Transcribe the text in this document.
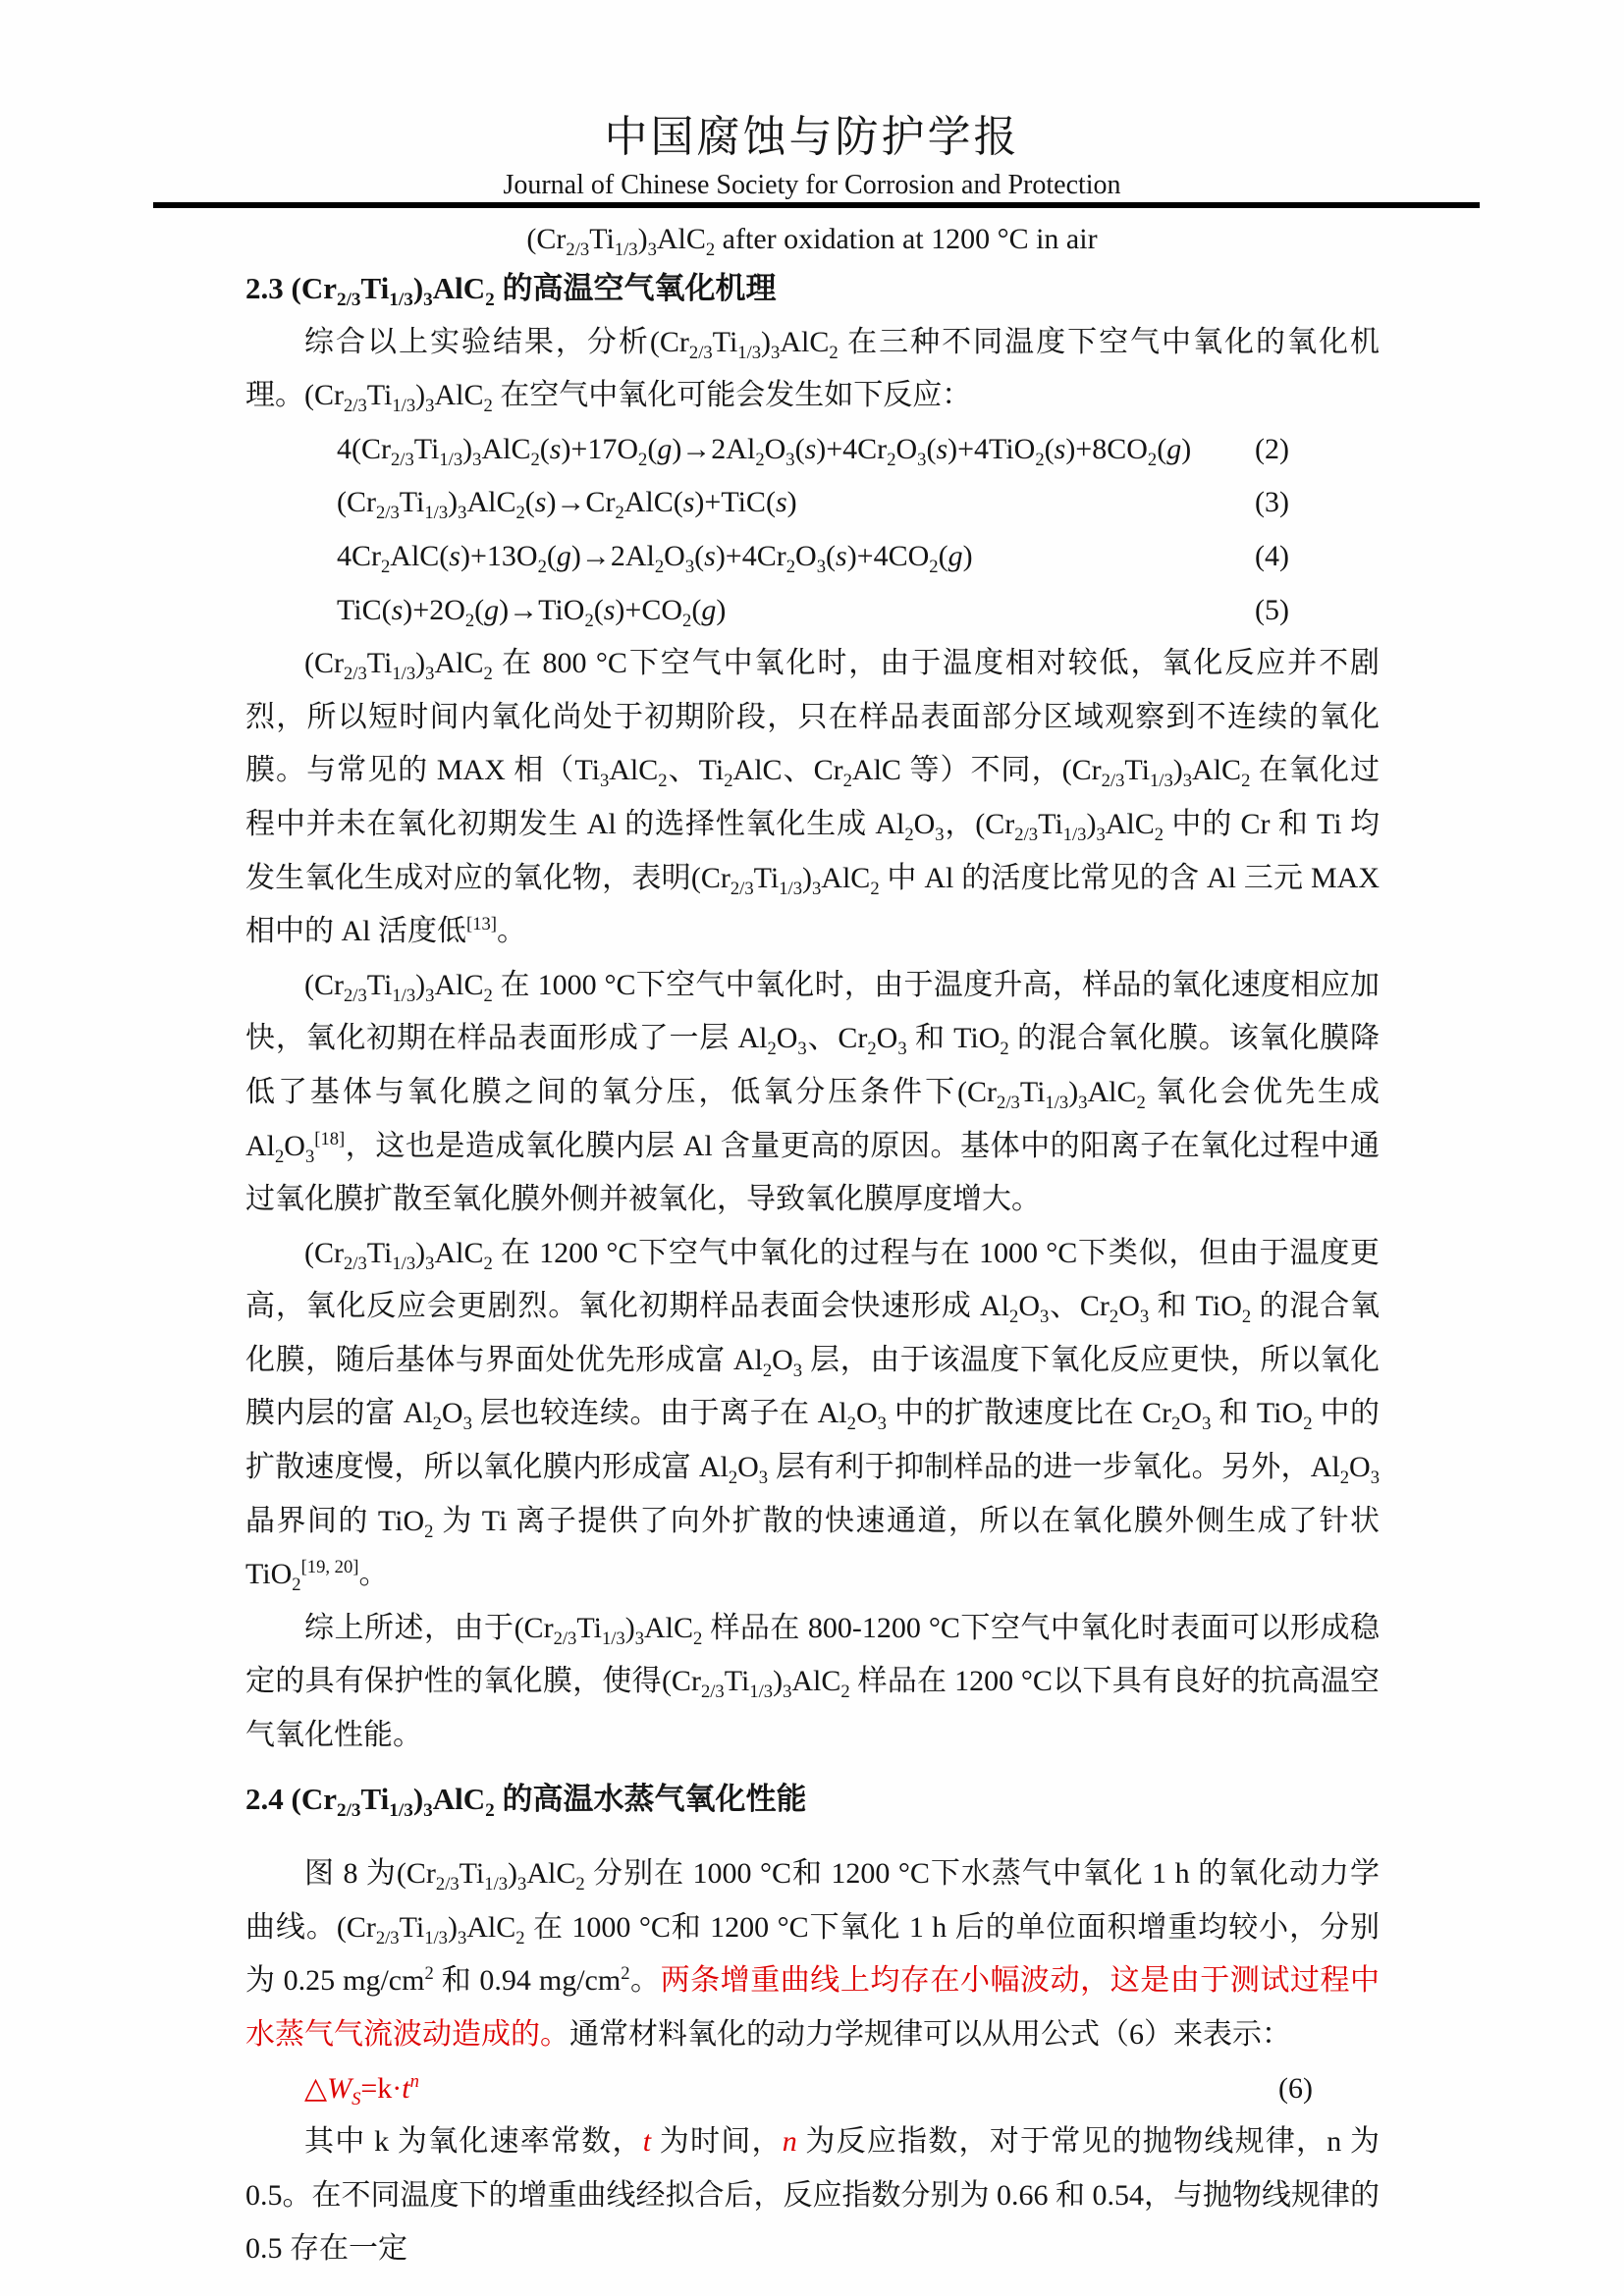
中国腐蚀与防护学报
Journal of Chinese Society for Corrosion and Protection
$(Cr_{2/3}Ti_{1/3})_3AlC_2$ after oxidation at 1200 °C in air
2.3 $(Cr_{2/3}Ti_{1/3})_3AlC_2$ 的高温空气氧化机理

综合以上实验结果，分析$(Cr_{2/3}Ti_{1/3})_3AlC_2$ 在三种不同温度下空气中氧化的氧化机理。$(Cr_{2/3}Ti_{1/3})_3AlC_2$ 在空气中氧化可能会发生如下反应：

$4(Cr_{2/3}Ti_{1/3})_3AlC_2(s)+17O_2(g)\to 2Al_2O_3(s)+4Cr_2O_3(s)+4TiO_2(s)+8CO_2(g)$ (2)
$(Cr_{2/3}Ti_{1/3})_3AlC_2(s)\to Cr_2AlC(s)+TiC(s)$	(3)
$4Cr_2AlC(s)+13O_2(g)\to 2Al_2O_3(s)+4Cr_2O_3(s)+4CO_2(g)$	(4)
$TiC(s)+2O_2(g)\to TiO_2(s)+CO_2(g)$	(5)

$(Cr_{2/3}Ti_{1/3})_3AlC_2$ 在 800 °C下空气中氧化时，由于温度相对较低，氧化反应并不剧烈，所以短时间内氧化尚处于初期阶段，只在样品表面部分区域观察到不连续的氧化膜。与常见的 MAX 相（$Ti_3AlC_2$、$Ti_2AlC$、$Cr_2AlC$ 等）不同，$(Cr_{2/3}Ti_{1/3})_3AlC_2$ 在氧化过程中并未在氧化初期发生 Al 的选择性氧化生成 $Al_2O_3$，$(Cr_{2/3}Ti_{1/3})_3AlC_2$ 中的 Cr 和 Ti 均发生氧化生成对应的氧化物，表明$(Cr_{2/3}Ti_{1/3})_3AlC_2$ 中 Al 的活度比常见的含 Al 三元 MAX 相中的 Al 活度低[13]。

$(Cr_{2/3}Ti_{1/3})_3AlC_2$ 在 1000 °C下空气中氧化时，由于温度升高，样品的氧化速度相应加快，氧化初期在样品表面形成了一层 $Al_2O_3$、$Cr_2O_3$ 和 TiO$_2$ 的混合氧化膜。该氧化膜降低了基体与氧化膜之间的氧分压，低氧分压条件下$(Cr_{2/3}Ti_{1/3})_3AlC_2$ 氧化会优先生成 $Al_2O_3[18]$，这也是造成氧化膜内层 Al 含量更高的原因。基体中的阳离子在氧化过程中通过氧化膜扩散至氧化膜外侧并被氧化，导致氧化膜厚度增大。

$(Cr_{2/3}Ti_{1/3})_3AlC_2$ 在 1200 °C下空气中氧化的过程与在 1000 °C下类似，但由于温度更高，氧化反应会更剧烈。氧化初期样品表面会快速形成 $Al_2O_3$、$Cr_2O_3$ 和 TiO$_2$ 的混合氧化膜，随后基体与界面处优先形成富 $Al_2O_3$ 层，由于该温度下氧化反应更快，所以氧化膜内层的富 $Al_2O_3$ 层也较连续。由于离子在 $Al_2O_3$ 中的扩散速度比在 $Cr_2O_3$ 和 TiO$_2$ 中的扩散速度慢，所以氧化膜内形成富 $Al_2O_3$ 层有利于抑制样品的进一步氧化。另外，$Al_2O_3$ 晶界间的 TiO$_2$ 为 Ti 离子提供了向外扩散的快速通道，所以在氧化膜外侧生成了针状 TiO$_2$[19, 20]。

综上所述，由于$(Cr_{2/3}Ti_{1/3})_3AlC_2$ 样品在 800-1200 °C下空气中氧化时表面可以形成稳定的具有保护性的氧化膜，使得$(Cr_{2/3}Ti_{1/3})_3AlC_2$ 样品在 1200 °C以下具有良好的抗高温空气氧化性能。

2.4 $(Cr_{2/3}Ti_{1/3})_3AlC_2$ 的高温水蒸气氧化性能

图 8 为$(Cr_{2/3}Ti_{1/3})_3AlC_2$ 分别在 1000 °C和 1200 °C下水蒸气中氧化 1 h 的氧化动力学曲线。$(Cr_{2/3}Ti_{1/3})_3AlC_2$ 在 1000 °C和 1200 °C下氧化 1 h 后的单位面积增重均较小，分别为 0.25 $mg/cm^2$ 和 0.94 $mg/cm^2$。两条增重曲线上均存在小幅波动，这是由于测试过程中水蒸气气流波动造成的。通常材料氧化的动力学规律可以从用公式（6）来表示：

$\triangle W_S=k\cdot t^n$	(6)

其中 k 为氧化速率常数，t 为时间，n 为反应指数，对于常见的抛物线规律，n 为 0.5。在不同温度下的增重曲线经拟合后，反应指数分别为 0.66 和 0.54，与抛物线规律的 0.5 存在一定
